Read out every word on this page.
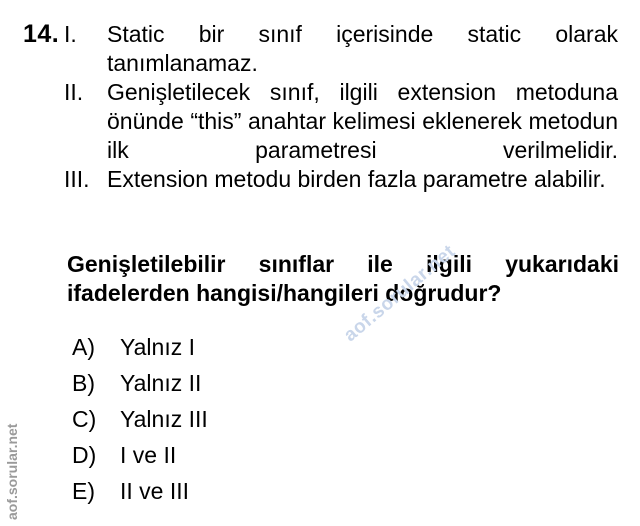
14. I. Static bir sınıf içerisinde static olarak tanımlanamaz.
II. Genişletilecek sınıf, ilgili extension metoduna önünde “this” anahtar kelimesi eklenerek metodun ilk parametresi verilmelidir.
III. Extension metodu birden fazla parametre alabilir.
Genişletilebilir sınıflar ile ilgili yukarıdaki ifadelerden hangisi/hangileri doğrudur?
A) Yalnız I
B) Yalnız II
C) Yalnız III
D) I ve II
E) II ve III
aof.sorular.net
aof.sorular.net
